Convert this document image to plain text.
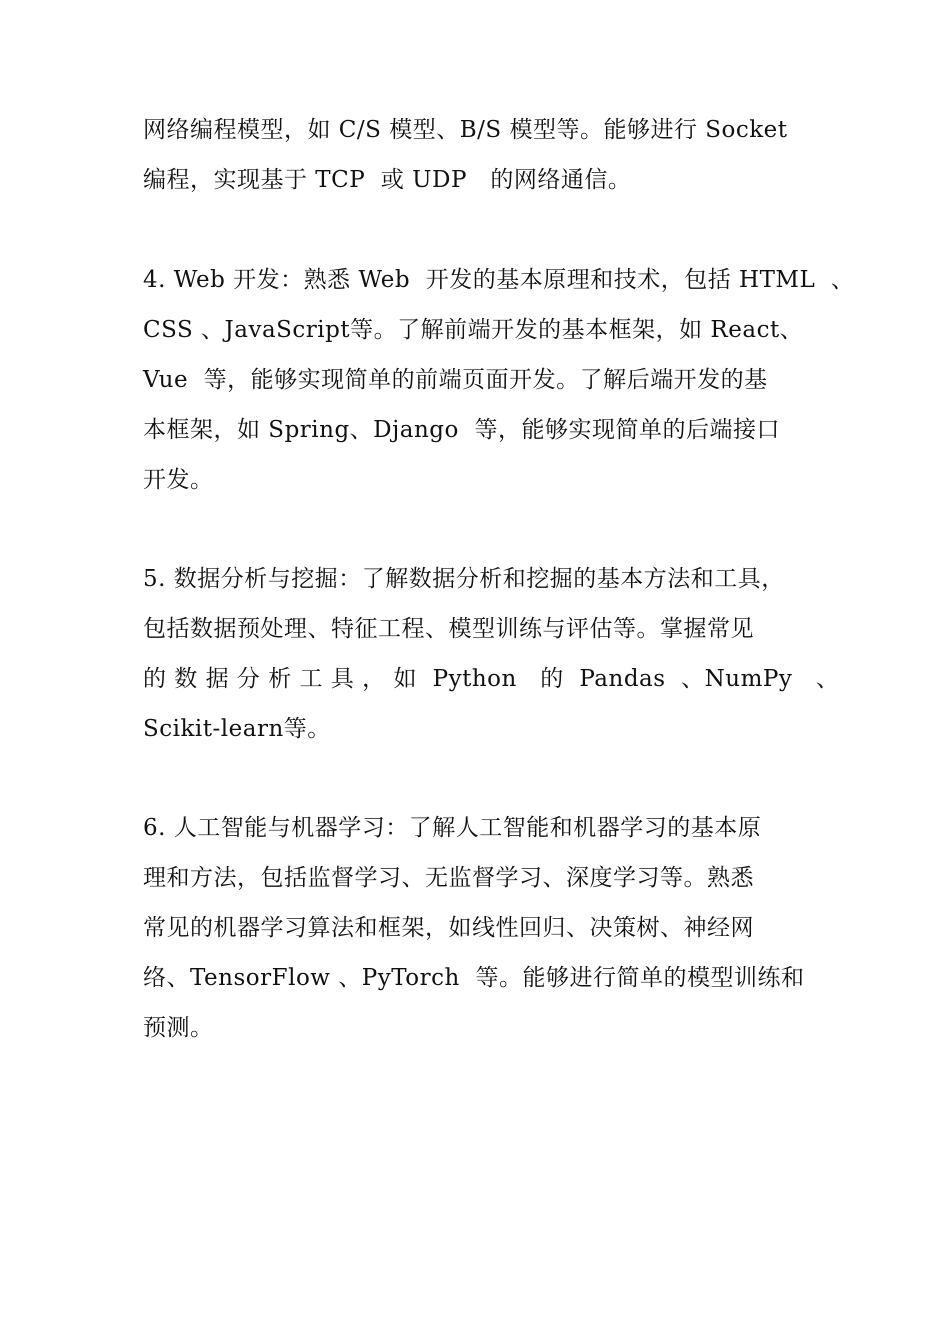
网络编程模型，如 C/S 模型、B/S 模型等。能够进行 Socket
编程，实现基于 TCP  或 UDP   的网络通信。
4. Web 开发：熟悉 Web  开发的基本原理和技术，包括 HTML  、
CSS 、JavaScript等。了解前端开发的基本框架，如 React、
Vue  等，能够实现简单的前端页面开发。了解后端开发的基
本框架，如 Spring、Django  等，能够实现简单的后端接口
开发。
5. 数据分析与挖掘：了解数据分析和挖掘的基本方法和工具，
包括数据预处理、特征工程、模型训练与评估等。掌握常见
的 数 据 分 析 工 具 ， 如  Python   的  Pandas  、NumPy   、
Scikit-learn等。
6. 人工智能与机器学习：了解人工智能和机器学习的基本原
理和方法，包括监督学习、无监督学习、深度学习等。熟悉
常见的机器学习算法和框架，如线性回归、决策树、神经网
络、TensorFlow 、PyTorch  等。能够进行简单的模型训练和
预测。
